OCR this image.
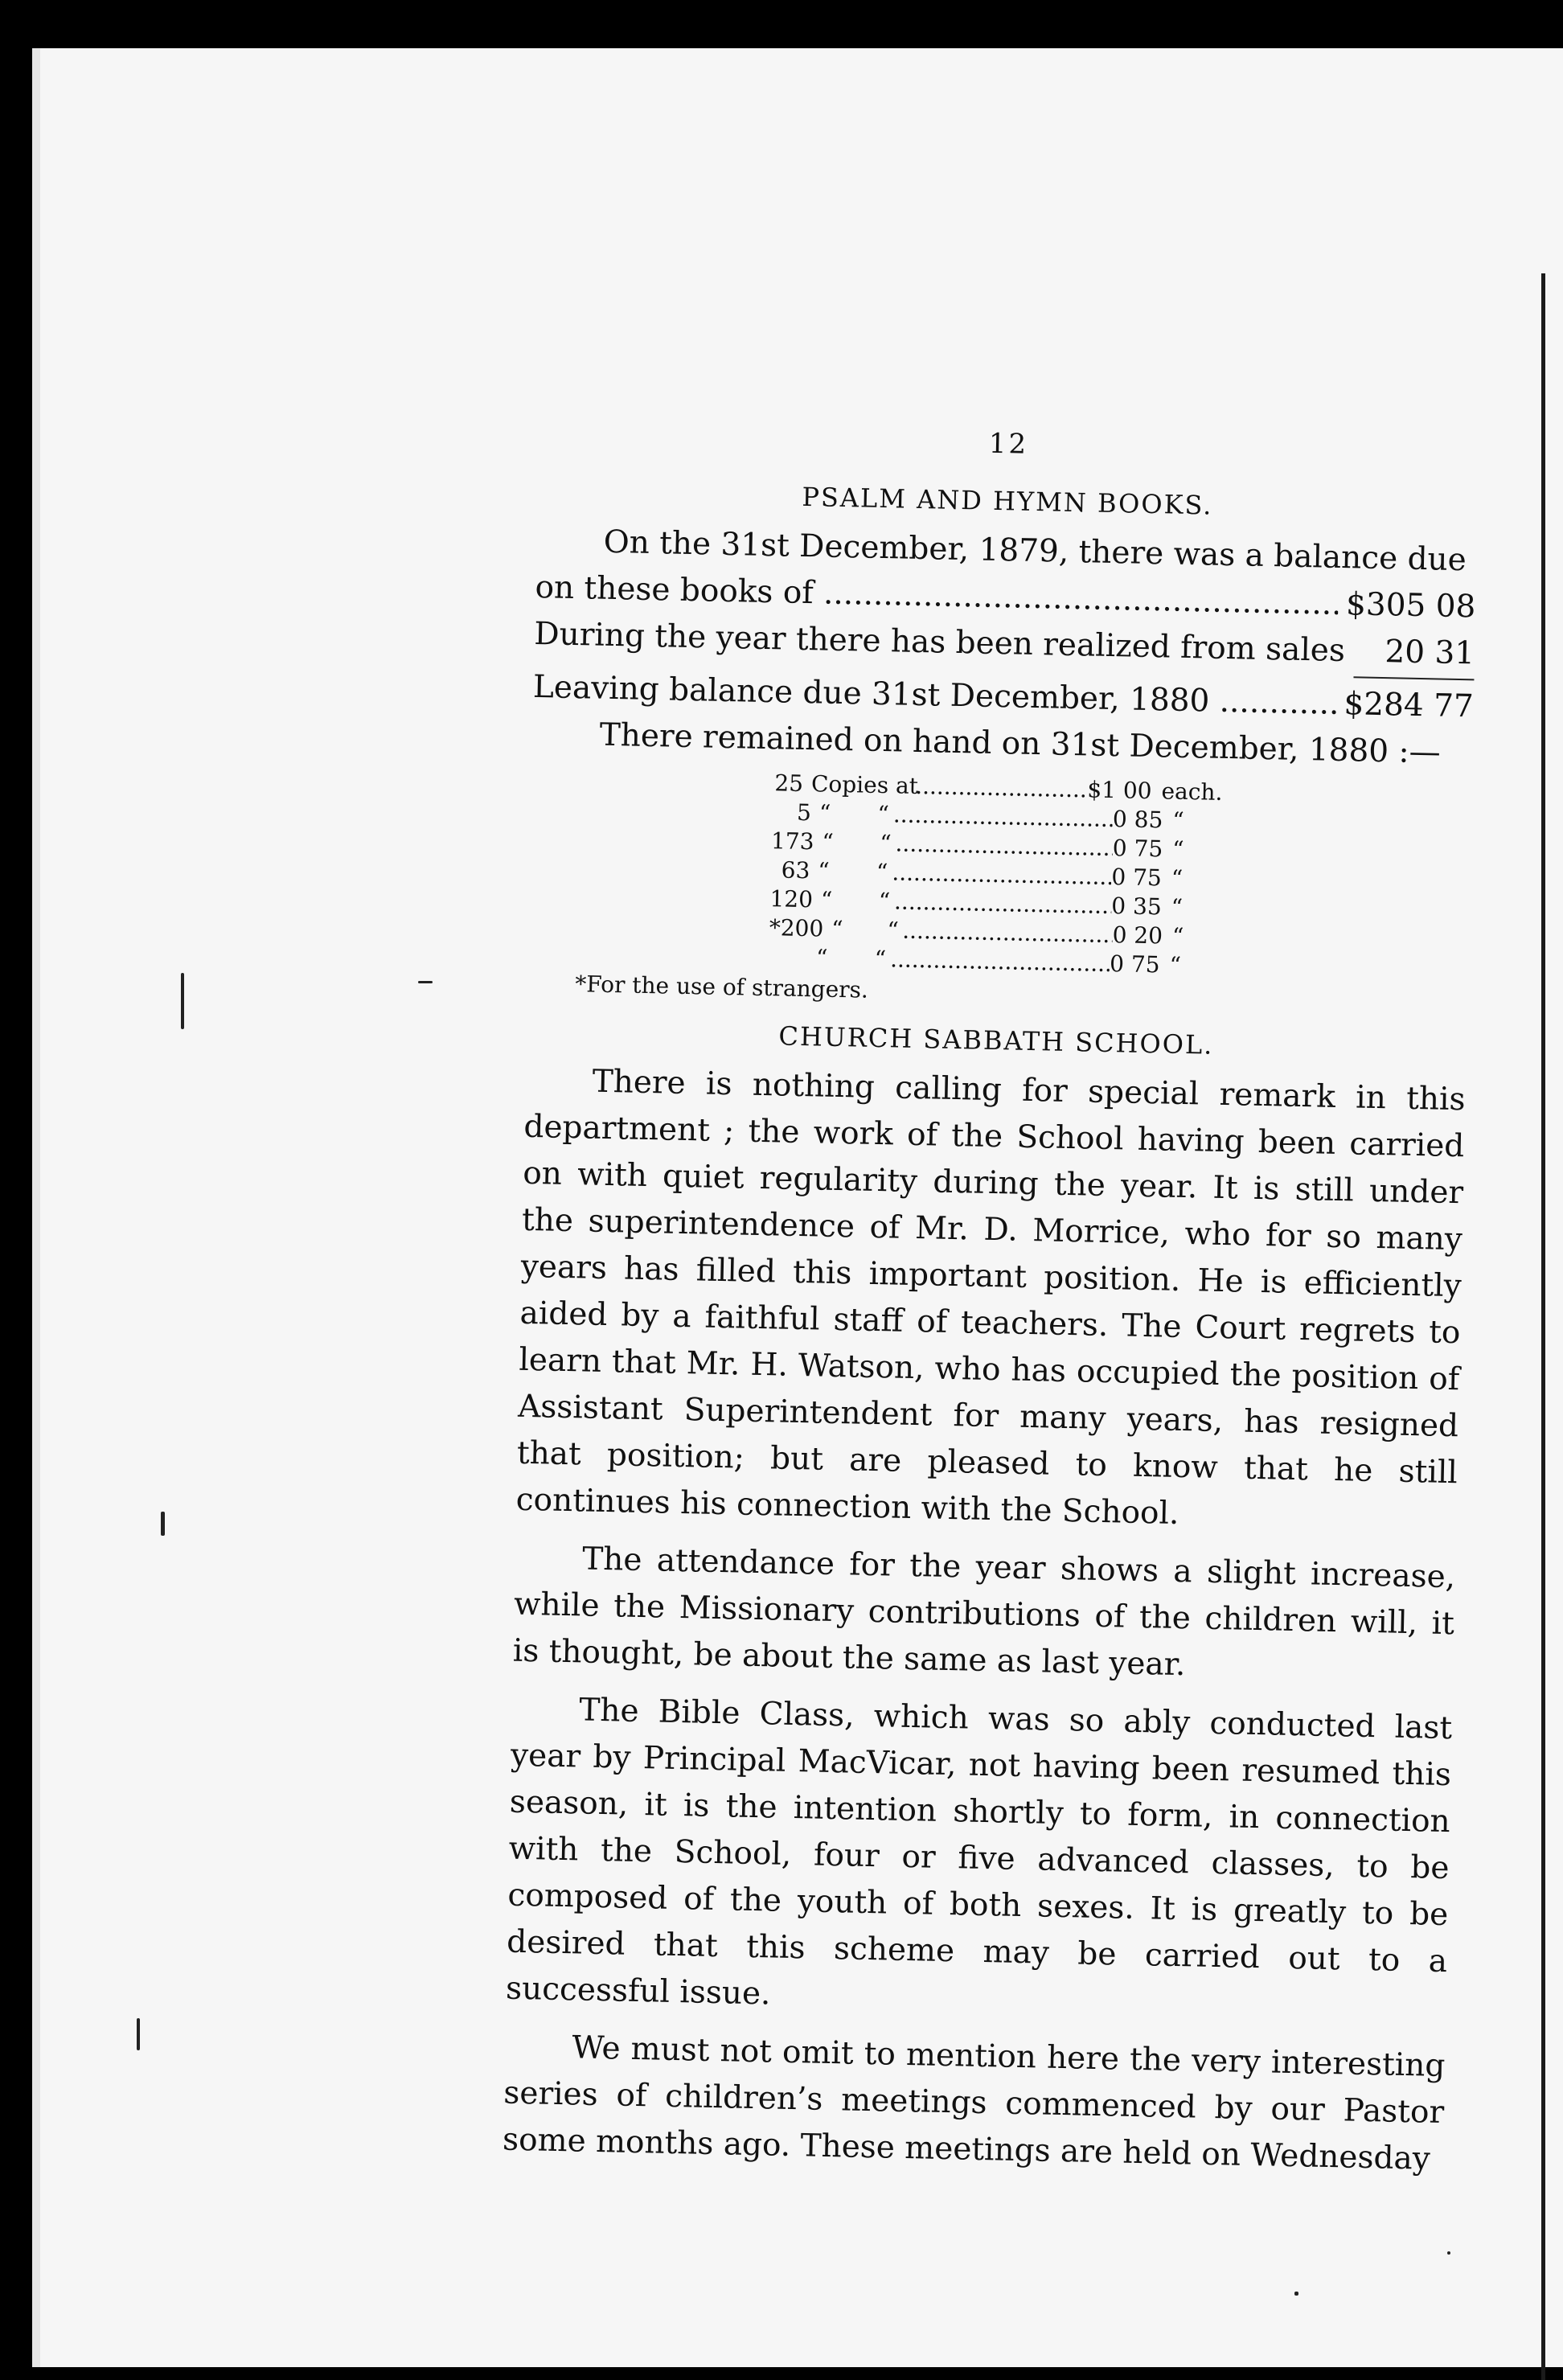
12
PSALM AND HYMN BOOKS.
On the 31st December, 1879, there was a balance due
on these books of .....	$305 08
During the year there has been realized from sales .....	20 31
Leaving balance due 31st December, 1880 .....	$284 77
There remained on hand on 31st December, 1880 :—
25 Copies at .....	$1 00 each.
5 “	“ .....	0 85 “
173 “	“ .....	0 75 “
63 “	“ .....	0 75 “
120 “	“ .....	0 35 “
*200 “	“ .....	0 20 “
“	“ .....	0 75 “
*For the use of strangers.
CHURCH SABBATH SCHOOL.

There is nothing calling for special remark in this department ; the work of the School having been carried on with quiet regularity during the year. It is still under the superintendence of Mr. D. Morrice, who for so many years has filled this important position. He is efficiently aided by a faithful staff of teachers. The Court regrets to learn that Mr. H. Watson, who has occupied the position of Assistant Superintendent for many years, has resigned that position; but are pleased to know that he still continues his connection with the School.

The attendance for the year shows a slight increase, while the Missionary contributions of the children will, it is thought, be about the same as last year.

The Bible Class, which was so ably conducted last year by Principal MacVicar, not having been resumed this season, it is the intention shortly to form, in connection with the School, four or five advanced classes, to be composed of the youth of both sexes. It is greatly to be desired that this scheme may be carried out to a successful issue.

We must not omit to mention here the very interesting series of children’s meetings commenced by our Pastor some months ago. These meetings are held on Wednesday
